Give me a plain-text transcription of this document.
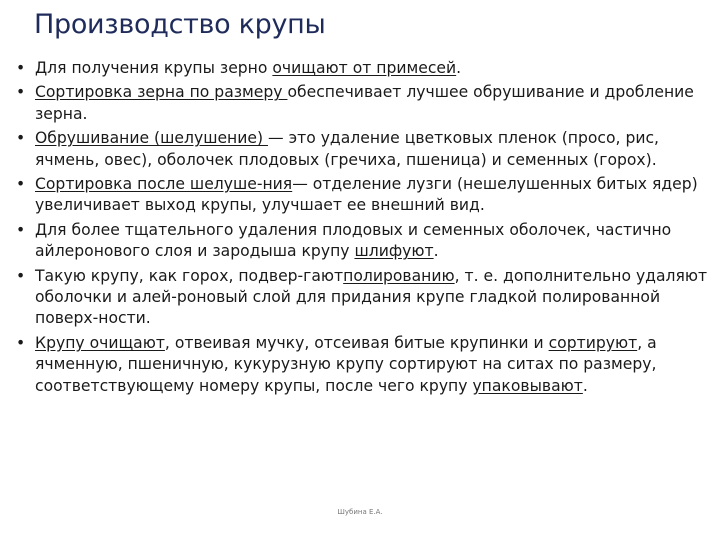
Производство крупы
• Для получения крупы зерно очищают от примесей.
• Сортировка зерна по размеру обеспечивает лучшее обрушивание и дробление зерна.
• Обрушивание (шелушение) — это удаление цветковых пленок (просо, рис, ячмень, овес), оболочек плодовых (гречиха, пшеница) и семенных (горох).
• Сортировка после шелуше-ния— отделение лузги (нешелушенных битых ядер) увеличивает выход крупы, улучшает ее внешний вид.
• Для более тщательного удаления плодовых и семенных оболочек, частично айлеронового слоя и зародыша крупу шлифуют.
• Такую крупу, как горох, подвер-гаютполированию, т. е. дополнительно удаляют оболочки и алей-роновый слой для придания крупе гладкой полированной поверх-ности.
• Крупу очищают, отвеивая мучку, отсеивая битые крупинки и сортируют, а ячменную, пшеничную, кукурузную крупу сортируют на ситах по размеру, соответствующему номеру крупы, после чего крупу упаковывают.
Шубина Е.А.
